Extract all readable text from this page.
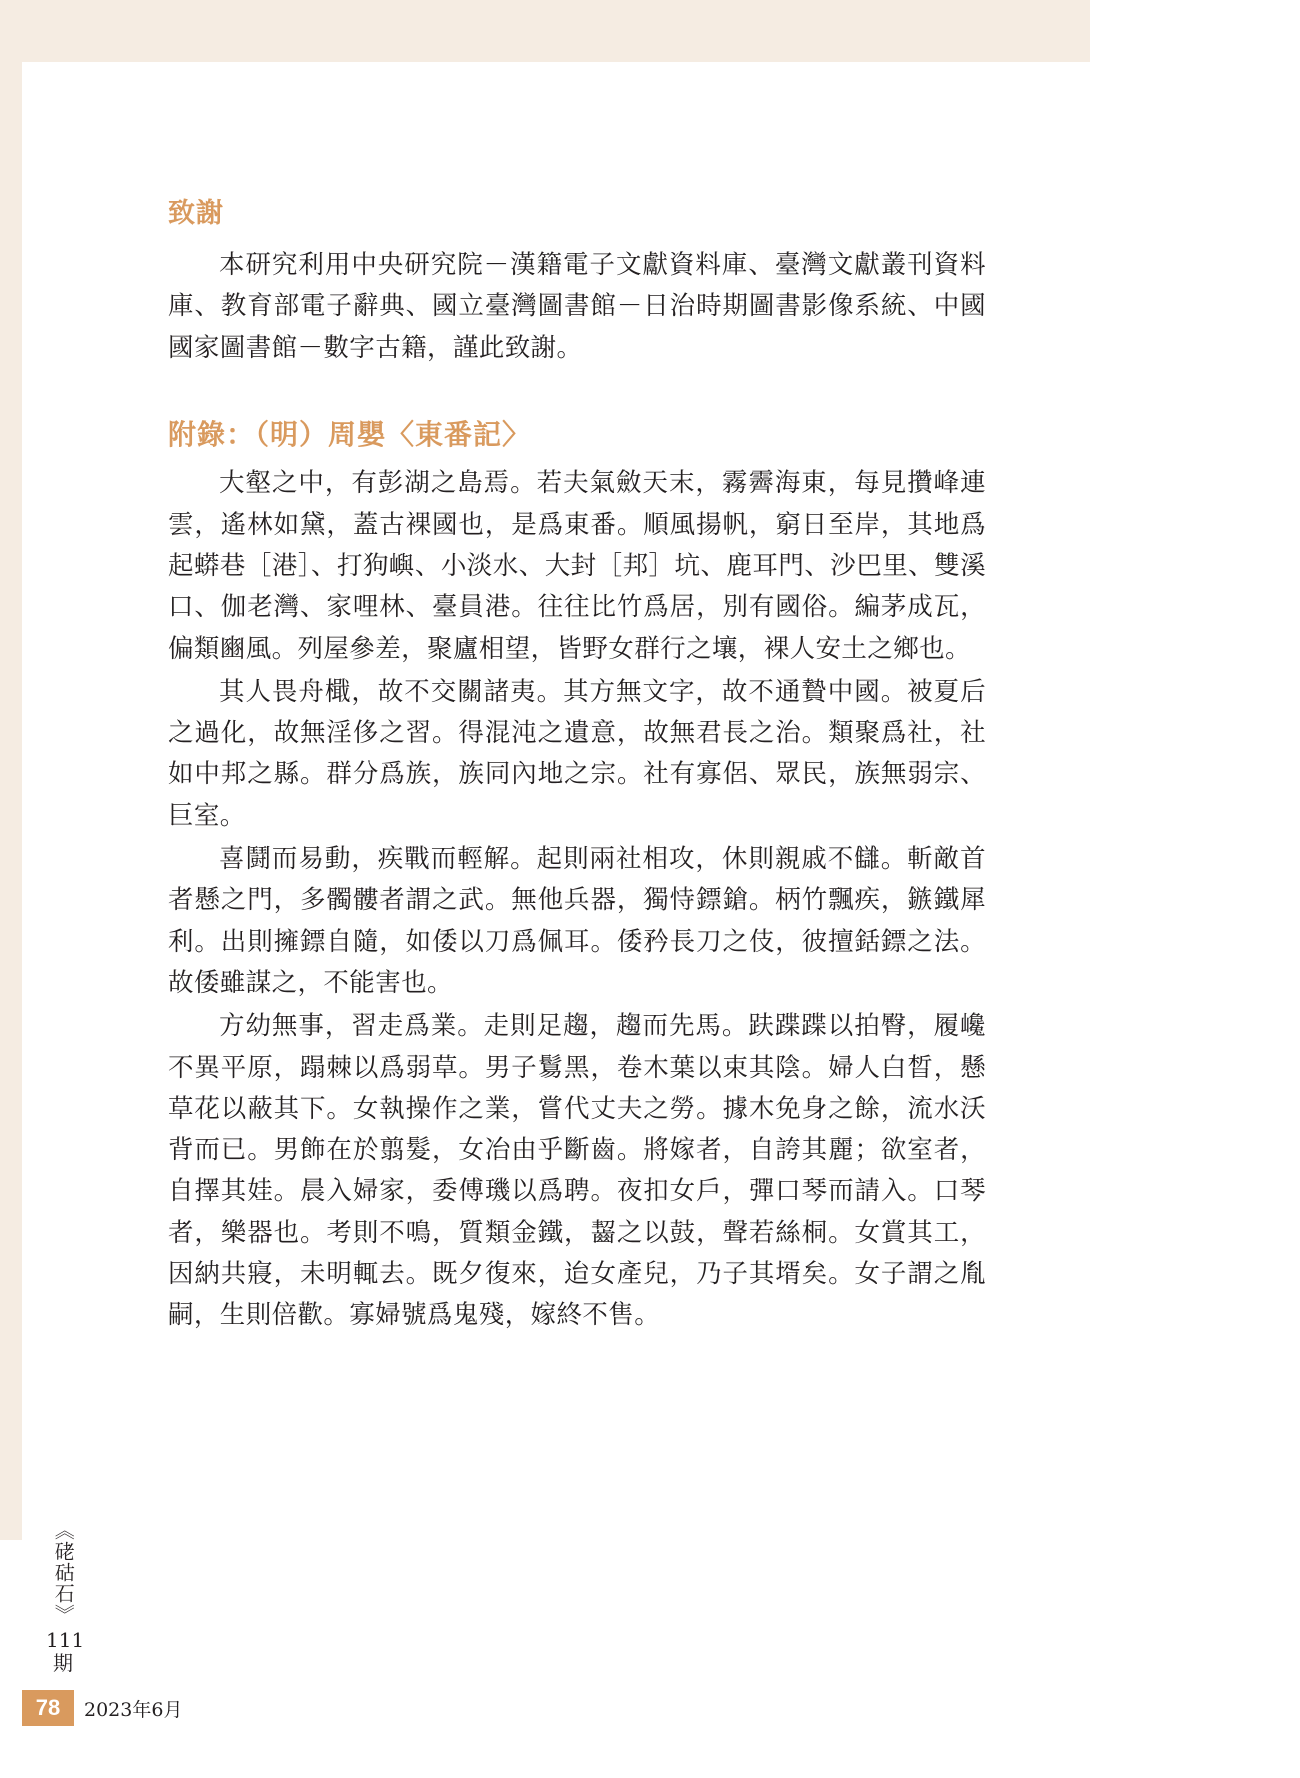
致謝

本研究利用中央研究院－漢籍電子文獻資料庫、臺灣文獻叢刊資料庫、教育部電子辭典、國立臺灣圖書館－日治時期圖書影像系統、中國國家圖書館－數字古籍，謹此致謝。

附錄：（明）周嬰〈東番記〉

大壑之中，有彭湖之島焉。若夫氣斂天末，霧霽海東，每見攢峰連雲，遙林如黛，蓋古裸國也，是爲東番。順風揚帆，窮日至岸，其地爲起蟒巷［港］、打狗嶼、小淡水、大封［邦］坑、鹿耳門、沙巴里、雙溪口、伽老灣、家哩林、臺員港。往往比竹爲居，別有國俗。編茅成瓦，偏類豳風。列屋參差，聚廬相望，皆野女群行之壤，裸人安土之鄉也。

其人畏舟檝，故不交關諸夷。其方無文字，故不通贄中國。被夏后之過化，故無淫侈之習。得混沌之遺意，故無君長之治。類聚爲社，社如中邦之縣。群分爲族，族同內地之宗。社有寡侶、眾民，族無弱宗、巨室。

喜鬪而易動，疾戰而輕解。起則兩社相攻，休則親戚不讎。斬敵首者懸之門，多髑髏者謂之武。無他兵器，獨恃鏢鎗。柄竹飄疾，鏃鐵犀利。出則擁鏢自隨，如倭以刀爲佩耳。倭矜長刀之伎，彼擅銛鏢之法。故倭雖謀之，不能害也。

方幼無事，習走爲業。走則足趨，趨而先馬。趺蹀蹀以拍臀，履巉不異平原，蹋棘以爲弱草。男子鬄黑，卷木葉以束其陰。婦人白晳，懸草花以蔽其下。女執操作之業，嘗代丈夫之勞。據木免身之餘，流水沃背而已。男飾在於翦髮，女冶由乎斷齒。將嫁者，自誇其麗；欲室者，自擇其娃。晨入婦家，委傅璣以爲聘。夜扣女戶，彈口琴而請入。口琴者，樂器也。考則不鳴，質類金鐵，齧之以鼓，聲若絲桐。女賞其工，因納共寢，未明輒去。既夕復來，迨女產兒，乃子其壻矣。女子謂之胤嗣，生則倍歡。寡婦號爲鬼殘，嫁終不售。

《硓𥑮石》
111
期
78	2023年6月
